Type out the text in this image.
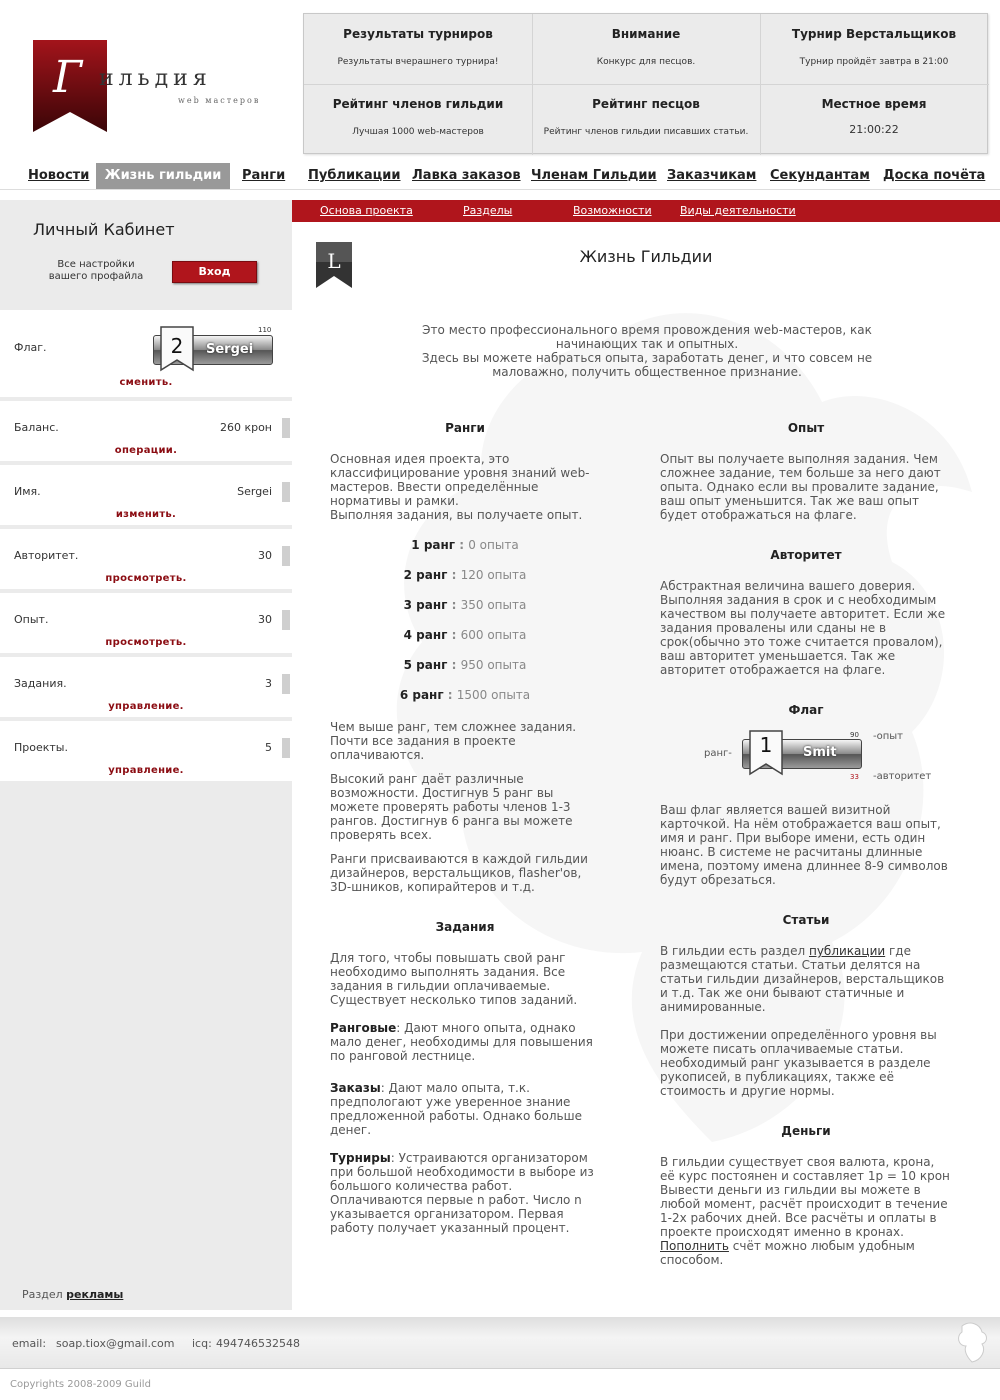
Г ильдия
web мастеров
Результаты турниров
Результаты вчерашнего турнира!
Внимание
Конкурс для песцов.
Турнир Верстальщиков
Турнир пройдёт завтра в 21:00
Рейтинг членов гильдии
Лучшая 1000 web-мастеров
Рейтинг песцов
Рейтинг членов гильдии писавших статьи.
Местное время
21:00:22
Новости	Жизнь гильдии	Ранги Публикации Лавка заказов Членам Гильдии Заказчикам Секундантам Доска почёта
Личный Кабинет
Все настройки вашего профайла	Вход
Флаг.	Sergei
2
110
сменить.
Баланс.	260 крон
операции.
Имя.	Sergei
изменить.
Авторитет.	30
просмотреть.
Опыт.	30
просмотреть.
Задания.	3
управление.
Проекты.	5
управление.
Раздел рекламы
Основа проекта	Разделы	Возможности	Виды деятельности
L	Жизнь Гильдии

Это место профессионального время провождения web-мастеров, как начинающих так и опытных.

Здесь вы можете набраться опыта, заработать денег, и что совсем не маловажно, получить общественное признание.

Ранги

Основная идея проекта, это классифицирование уровня знаний web-мастеров. Ввести определённые нормативы и рамки.

Выполняя задания, вы получаете опыт.

1 ранг : 0 опыта
2 ранг : 120 опыта
3 ранг : 350 опыта
4 ранг : 600 опыта
5 ранг : 950 опыта
6 ранг : 1500 опыта

Чем выше ранг, тем сложнее задания. Почти все задания в проекте оплачиваются.

Высокий ранг даёт различные возможности. Достигнув 5 ранг вы можете проверять работы членов 1-3 рангов. Достигнув 6 ранга вы можете проверять всех.

Ранги присваиваются в каждой гильдии дизайнеров, верстальщиков, flasher'ов, 3D-шников, копирайтеров и т.д.

Задания

Для того, чтобы повышать свой ранг необходимо выполнять задания. Все задания в гильдии оплачиваемые. Существует несколько типов заданий.

Ранговые: Дают много опыта, однако мало денег, необходимы для повышения по ранговой лестнице.

Заказы: Дают мало опыта, т.к. предпологают уже уверенное знание предложенной работы. Однако больше денег.

Турниры: Устраиваются организатором при большой необходимости в выборе из большого количества работ. Оплачиваются первые n работ. Число n указывается организатором. Первая работу получает указанный процент.

Опыт

Опыт вы получаете выполняя задания. Чем сложнее задание, тем больше за него дают опыта. Однако если вы провалите задание, ваш опыт уменьшится. Так же ваш опыт будет отображаться на флаге.

Авторитет

Абстрактная величина вашего доверия. Выполняя задания в срок и с необходимым качеством вы получаете авторитет. Если же задания провалены или сданы не в срок(обычно это тоже считается провалом), ваш авторитет уменьшается. Так же авторитет отображается на флаге.

Флаг
ранг-	Smit
1	90
33
-опыт
-авторитет

Ваш флаг является вашей визитной карточкой. На нём отображается ваш опыт, имя и ранг. При выборе имени, есть один нюанс. В системе не расчитаны длинные имена, поэтому имена длиннее 8-9 символов будут обрезаться.

Статьи

В гильдии есть раздел публикации где размещаются статьи. Статьи делятся на статьи гильдии дизайнеров, верстальщиков и т.д. Так же они бывают статичные и анимированные.

При достижении определённого уровня вы можете писать оплачиваемые статьи. необходимый ранг указывается в разделе рукописей, в публикациях, также её стоимость и другие нормы.

Деньги

В гильдии существует своя валюта, крона, её курс постоянен и составляет 1р = 10 крон Вывести деньги из гильдии вы можете в любой момент, расчёт происходит в течение 1-2х рабочих дней. Все расчёты и оплаты в проекте происходят именно в кронах. Пополнить счёт можно любым удобным способом.

email: soap.tiox@gmail.com icq: 494746532548
Copyrights 2008-2009 Guild
